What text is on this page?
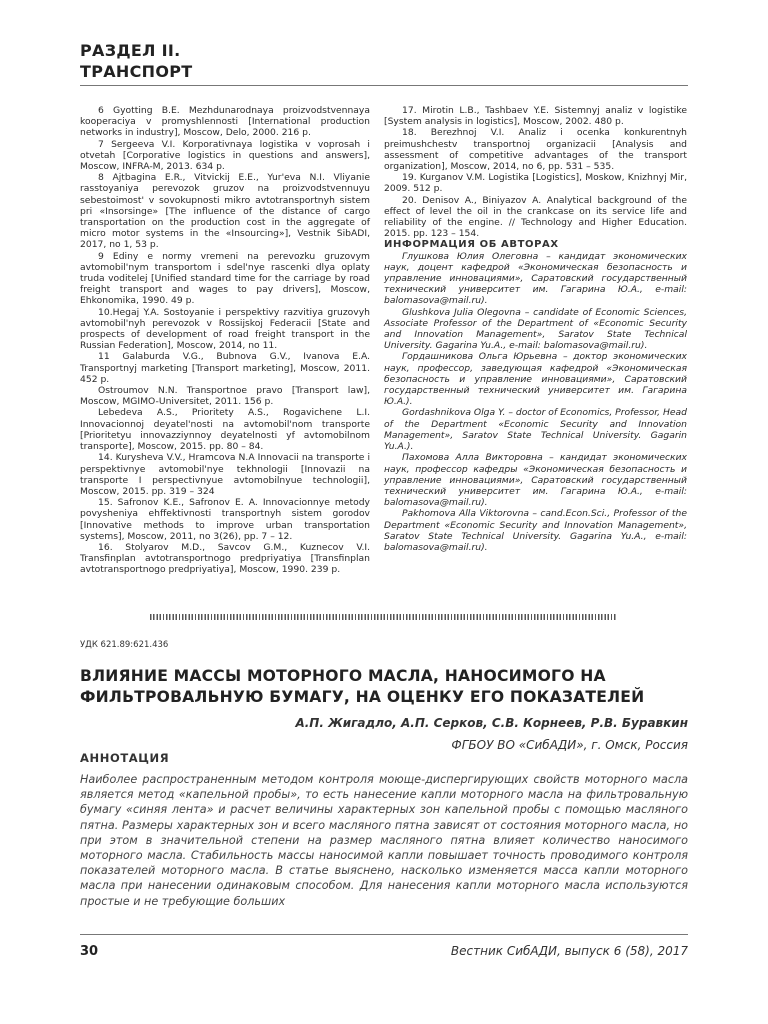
РАЗДЕЛ II.
ТРАНСПОРТ

6 Gyotting B.E. Mezhdunarodnaya proizvodstvennaya kooperaciya v promyshlennosti [International production networks in industry], Moscow, Delo, 2000. 216 p.

7 Sergeeva V.I. Korporativnaya logistika v voprosah i otvetah [Corporative logistics in questions and answers], Moscow, INFRA-M, 2013. 634 p.

8 Ajtbagina E.R., Vitvickij E.E., Yur'eva N.I. Vliyanie rasstoyaniya perevozok gruzov na proizvodstvennuyu sebestoimost' v sovokupnosti mikro avtotransportnyh sistem pri «Insorsinge» [The influence of the distance of cargo transportation on the production cost in the aggregate of micro motor systems in the «Insourcing»], Vestnik SibADI, 2017, no 1, 53 p.

9 Ediny e normy vremeni na perevozku gruzovym avtomobil'nym transportom i sdel'nye rascenki dlya oplaty truda voditelej [Unified standard time for the carriage by road freight transport and wages to pay drivers], Moscow, Ehkonomika, 1990. 49 p.

10.Hegaj Y.A. Sostoyanie i perspektivy razvitiya gruzovyh avtomobil'nyh perevozok v Rossijskoj Federacii [State and prospects of development of road freight transport in the Russian Federation], Moscow, 2014, no 11.

11 Galaburda V.G., Bubnova G.V., Ivanova E.A. Transportnyj marketing [Transport marketing], Moscow, 2011. 452 p.

Ostroumov N.N. Transportnoe pravo [Transport law], Moscow, MGIMO-Universitet, 2011. 156 p.

Lebedeva A.S., Prioritety A.S., Rogavichene L.I. Innovacionnoj deyatel'nosti na avtomobil'nom transporte [Prioritetyu innovazziynnoy deyatelnosti yf avtomobilnom transporte], Moscow, 2015. pp. 80 – 84.

14. Kurysheva V.V., Hramcova N.A Innovacii na transporte i perspektivnye avtomobil'nye tekhnologii [Innovazii na transporte I perspectivnyue avtomobilnyue technologii], Moscow, 2015. pp. 319 – 324

15. Safronov K.E., Safronov E. A. Innovacionnye metody povysheniya ehffektivnosti transportnyh sistem gorodov [Innovative methods to improve urban transportation systems], Moscow, 2011, no 3(26), pp. 7 – 12.

16. Stolyarov M.D., Savcov G.M., Kuznecov V.I. Transfinplan avtotransportnogo predpriyatiya [Transfinplan avtotransportnogo predpriyatiya], Moscow, 1990. 239 p.

17. Mirotin L.B., Tashbaev Y.E. Sistemnyj analiz v logistike [System analysis in logistics], Moscow, 2002. 480 p.

18. Berezhnoj V.I. Analiz i ocenka konkurentnyh preimushchestv transportnoj organizacii [Analysis and assessment of competitive advantages of the transport organization], Moscow, 2014, no 6, pp. 531 – 535.

19. Kurganov V.M. Logistika [Logistics], Moskow, Knizhnyj Mir, 2009. 512 p.

20. Denisov A., Biniyazov A. Analytical background of the effect of level the oil in the crankcase on its service life and reliability of the engine. // Technology and Higher Education. 2015. pp. 123 – 154.

ИНФОРМАЦИЯ ОБ АВТОРАХ

Глушкова Юлия Олеговна – кандидат экономических наук, доцент кафедрой «Экономическая безопасность и управление инновациями», Саратовский государственный технический университет им. Гагарина Ю.А., e-mail: balomasova@mail.ru).

Glushkova Julia Olegovna – candidate of Economic Sciences, Associate Professor of the Department of «Economic Security and Innovation Management», Saratov State Technical University. Gagarina Yu.A., e-mail: balomasova@mail.ru).

Гордашникова Ольга Юрьевна – доктор экономических наук, профессор, заведующая кафедрой «Экономическая безопасность и управление инновациями», Саратовский государственный технический университет им. Гагарина Ю.А.).

Gordashnikova Olga Y. – doctor of Economics, Professor, Head of the Department «Economic Security and Innovation Management», Saratov State Technical University. Gagarin Yu.A.).

Пахомова Алла Викторовна – кандидат экономических наук, профессор кафедры «Экономическая безопасность и управление инновациями», Саратовский государственный технический университет им. Гагарина Ю.А., e-mail: balomasova@mail.ru).

Pakhomova Alla Viktorovna – cand.Econ.Sci., Professor of the Department «Economic Security and Innovation Management», Saratov State Technical University. Gagarina Yu.A., e-mail: balomasova@mail.ru).

УДК 621.89:621.436
ВЛИЯНИЕ МАССЫ МОТОРНОГО МАСЛА, НАНОСИМОГО НА ФИЛЬТРОВАЛЬНУЮ БУМАГУ, НА ОЦЕНКУ ЕГО ПОКАЗАТЕЛЕЙ
А.П. Жигадло, А.П. Серков, С.В. Корнеев, Р.В. Буравкин
ФГБОУ ВО «СибАДИ», г. Омск, Россия
АННОТАЦИЯ

Наиболее распространенным методом контроля моюще-диспергирующих свойств моторного масла является метод «капельной пробы», то есть нанесение капли моторного масла на фильтровальную бумагу «синяя лента» и расчет величины характерных зон капельной пробы с помощью масляного пятна. Размеры характерных зон и всего масляного пятна зависят от состояния моторного масла, но при этом в значительной степени на размер масляного пятна влияет количество наносимого моторного масла. Стабильность массы наносимой капли повышает точность проводимого контроля показателей моторного масла. В статье выяснено, насколько изменяется масса капли моторного масла при нанесении одинаковым способом. Для нанесения капли моторного масла используются простые и не требующие больших

30	Вестник СибАДИ, выпуск 6 (58), 2017
